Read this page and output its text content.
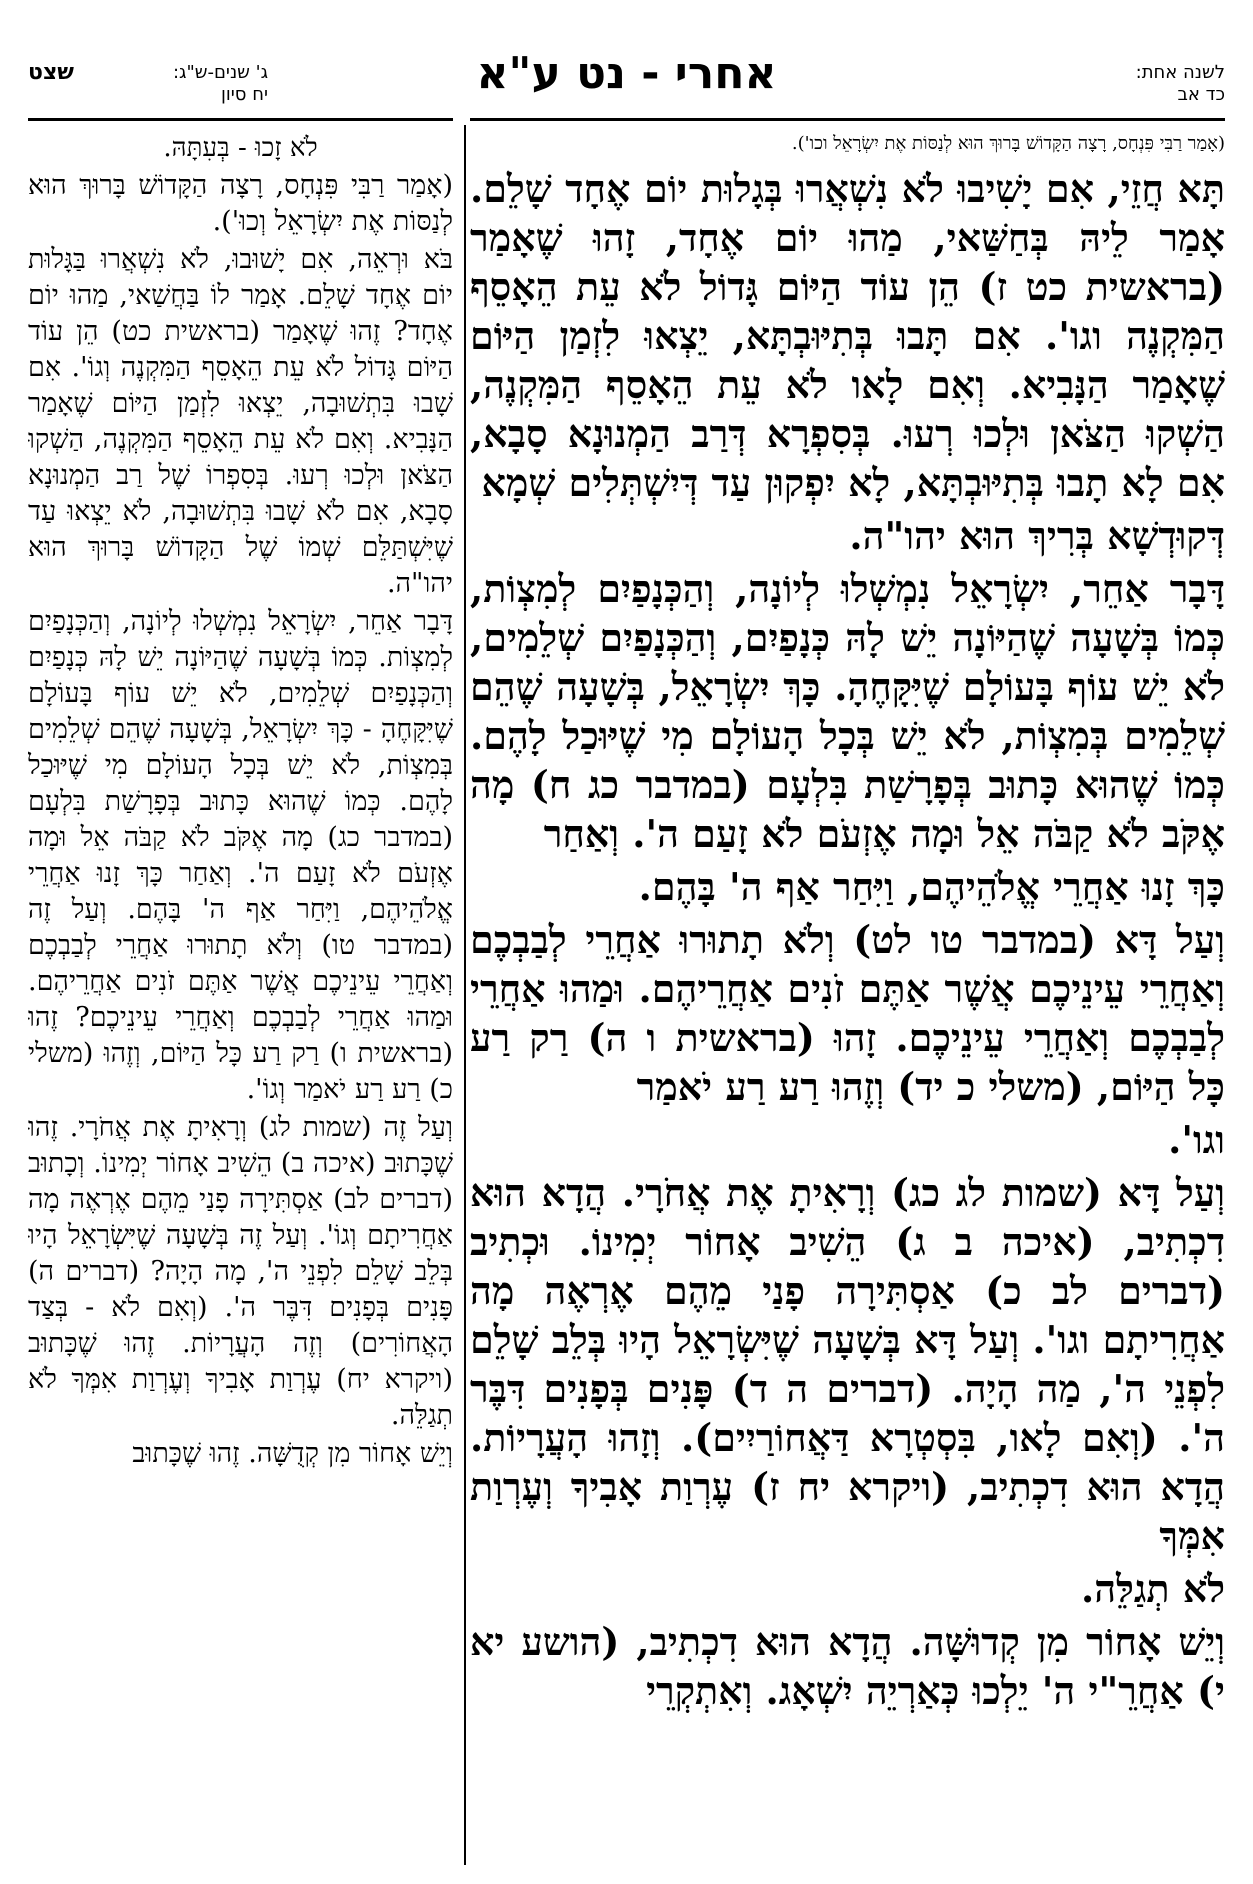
לשנה אחת:
כד אב
אחרי - נט ע"א
ג' שנים-ש"ג:
שצט
יח סיון

(אָמַר רַבִּי פִּנְחָס, רָצָה הַקָּדוֹשׁ בָּרוּךְ הוּא לְנַסּוֹת אֶת יִשְׂרָאֵל וכו').

תָּא חֲזֵי, אִם יָשִׁיבוּ לֹא נִשְׁאֲרוּ בְּגָלוּת יוֹם אֶחָד שָׁלֵם. אָמַר לֵיהּ בְּחַשַּׁאי, מַהוּ יוֹם אֶחָד, זָהוּ שֶׁאָמַר (בראשית כט ז) הֵן עוֹד הַיּוֹם גָּדוֹל לֹא עֵת הֵאָסֵף הַמִּקְנֶה וגו'. אִם תָּבוּ בְּתִיּוּבְתָּא, יֵצְאוּ לִזְמַן הַיּוֹם שֶׁאָמַר הַנָּבִיא. וְאִם לָאו לֹא עֵת הֵאָסֵף הַמִּקְנֶה, הַשְׁקוּ הַצֹּאן וּלְכוּ רְעוּ. בְּסִפְרָא דְּרַב הַמְנוּנָא סָבָא, אִם לָא תָבוּ בְּתִיּוּבְתָּא, לָא יִפְקוּן עַד דְּיִשְׁתְּלִים שְׁמָא

דְּקוּדְשָׁא בְּרִיךְ הוּא יהו"ה.

דָּבָר אַחֵר, יִשְׂרָאֵל נִמְשְׁלוּ לְיוֹנָה, וְהַכְּנָפַיִם לְמִצְוֹת, כְּמוֹ בְּשָׁעָה שֶׁהַיּוֹנָה יֵשׁ לָהּ כְּנָפַיִם, וְהַכְּנָפַיִם שְׁלֵמִים, לֹא יֵשׁ עוֹף בָּעוֹלָם שֶׁיִּקָּחֶהָ. כָּךְ יִשְׂרָאֵל, בְּשָׁעָה שֶׁהֵם שְׁלֵמִים בְּמִצְוֹת, לֹא יֵשׁ בְּכָל הָעוֹלָם מִי שֶׁיּוּכַל לָהֶם. כְּמוֹ שֶׁהוּא כָּתוּב בְּפָרָשַׁת בִּלְעָם (במדבר כג ח) מָה אֶקֹּב לֹא קַבֹּה אֵל וּמָה אֶזְעֹם לֹא זָעַם ה'. וְאַחַר

כָּךְ זָנוּ אַחֲרֵי אֱלֹהֵיהֶם, וַיִּחַר אַף ה' בָּהֶם.

וְעַל דָּא (במדבר טו לט) וְלֹא תָתוּרוּ אַחֲרֵי לְבַבְכֶם וְאַחֲרֵי עֵינֵיכֶם אֲשֶׁר אַתֶּם זֹנִים אַחֲרֵיהֶם. וּמַהוּ אַחֲרֵי לְבַבְכֶם וְאַחֲרֵי עֵינֵיכֶם. זָהוּ (בראשית ו ה) רַק רַע כָּל הַיּוֹם, (משלי כ יד) וְזֶהוּ רַע רַע יֹאמַר

וגו'.

וְעַל דָּא (שמות לג כג) וְרָאִיתָ אֶת אֲחֹרָי. הֲדָא הוּא דִכְתִיב, (איכה ב ג) הֵשִׁיב אָחוֹר יְמִינוֹ. וּכְתִיב (דברים לב כ) אַסְתִּירָה פָנַי מֵהֶם אֶרְאֶה מָה אַחֲרִיתָם וגו'. וְעַל דָּא בְּשָׁעָה שֶׁיִּשְׂרָאֵל הָיוּ בְּלֵב שָׁלֵם לִפְנֵי ה', מַה הָיָה. (דברים ה ד) פָּנִים בְּפָנִים דִּבֶּר ה'. (וְאִם לָאו, בִּסְטְרָא דַּאֲחוֹרַיִים). וְזָהוּ הָעֲרָיוֹת. הֲדָא הוּא דִכְתִיב, (ויקרא יח ז) עֶרְוַת אָבִיךָ וְעֶרְוַת אִמְּךָ

לֹא תְגַלֵּה.

וְיֵשׁ אָחוֹר מִן קְדוּשָּׁה. הֲדָא הוּא דִכְתִיב, (הושע יא י) אַחֲרֵ"י ה' יֵלְכוּ כְּאַרְיֵה יִשְׁאָג. וְאִתְקְרֵי

לֹא זָכוּ - בְּעִתָּהּ.

(אָמַר רַבִּי פִּנְחָס, רָצָה הַקָּדוֹשׁ בָּרוּךְ הוּא לְנַסּוֹת אֶת יִשְׂרָאֵל וְכוּ').

בֹּא וּרְאֵה, אִם יָשׁוּבוּ, לֹא נִשְׁאֲרוּ בַּגָּלוּת יוֹם אֶחָד שָׁלֵם. אָמַר לוֹ בַּחֲשַׁאי, מַהוּ יוֹם אֶחָד? זֶהוּ שֶׁאָמַר (בראשית כט) הֵן עוֹד הַיּוֹם גָּדוֹל לֹא עֵת הֵאָסֵף הַמִּקְנֶה וְגוֹ'. אִם שָׁבוּ בִּתְשׁוּבָה, יֵצְאוּ לִזְמַן הַיּוֹם שֶׁאָמַר הַנָּבִיא. וְאִם לֹא עֵת הֵאָסֵף הַמִּקְנֶה, הַשְׁקוּ הַצֹּאן וּלְכוּ רְעוּ. בְּסִפְרוֹ שֶׁל רַב הַמְנוּנָא סָבָא, אִם לֹא שָׁבוּ בִּתְשׁוּבָה, לֹא יֵצְאוּ עַד שֶׁיִּשְׁתַּלֵּם שְׁמוֹ שֶׁל הַקָּדוֹשׁ בָּרוּךְ הוּא יהו"ה.

דָּבָר אַחֵר, יִשְׂרָאֵל נִמְשְׁלוּ לְיוֹנָה, וְהַכְּנָפַיִם לְמִצְוֹת. כְּמוֹ בְּשָׁעָה שֶׁהַיּוֹנָה יֵשׁ לָהּ כְּנָפַיִם וְהַכְּנָפַיִם שְׁלֵמִים, לֹא יֵשׁ עוֹף בָּעוֹלָם שֶׁיִּקָּחֶהָ - כָּךְ יִשְׂרָאֵל, בְּשָׁעָה שֶׁהֵם שְׁלֵמִים בְּמִצְוֹת, לֹא יֵשׁ בְּכָל הָעוֹלָם מִי שֶׁיּוּכַל לָהֶם. כְּמוֹ שֶׁהוּא כָּתוּב בְּפָרָשַׁת בִּלְעָם (במדבר כג) מָה אֶקֹּב לֹא קַבֹּה אֵל וּמָה אֶזְעֹם לֹא זָעַם ה'. וְאַחַר כָּךְ זָנוּ אַחֲרֵי אֱלֹהֵיהֶם, וַיִּחַר אַף ה' בָּהֶם. וְעַל זֶה (במדבר טו) וְלֹא תָתוּרוּ אַחֲרֵי לְבַבְכֶם וְאַחֲרֵי עֵינֵיכֶם אֲשֶׁר אַתֶּם זֹנִים אַחֲרֵיהֶם. וּמַהוּ אַחֲרֵי לְבַבְכֶם וְאַחֲרֵי עֵינֵיכֶם? זֶהוּ (בראשית ו) רַק רַע כָּל הַיּוֹם, וְזֶהוּ (משלי כ) רַע רַע יֹאמַר וְגוֹ'.

וְעַל זֶה (שמות לג) וְרָאִיתָ אֶת אֲחֹרָי. זֶהוּ שֶׁכָּתוּב (איכה ב) הֵשִׁיב אָחוֹר יְמִינוֹ. וְכָתוּב (דברים לב) אַסְתִּירָה פָנַי מֵהֶם אֶרְאֶה מָה אַחֲרִיתָם וְגוֹ'. וְעַל זֶה בְּשָׁעָה שֶׁיִּשְׂרָאֵל הָיוּ בְּלֵב שָׁלֵם לִפְנֵי ה', מָה הָיָה? (דברים ה) פָּנִים בְּפָנִים דִּבֶּר ה'. (וְאִם לֹא - בְּצַד הָאֲחוֹרִים) וְזֶה הָעֲרָיוֹת. זֶהוּ שֶׁכָּתוּב (ויקרא יח) עֶרְוַת אָבִיךָ וְעֶרְוַת אִמְּךָ לֹא תְגַלֵּה.

וְיֵשׁ אָחוֹר מִן קְדֻשָּׁה. זֶהוּ שֶׁכָּתוּב
